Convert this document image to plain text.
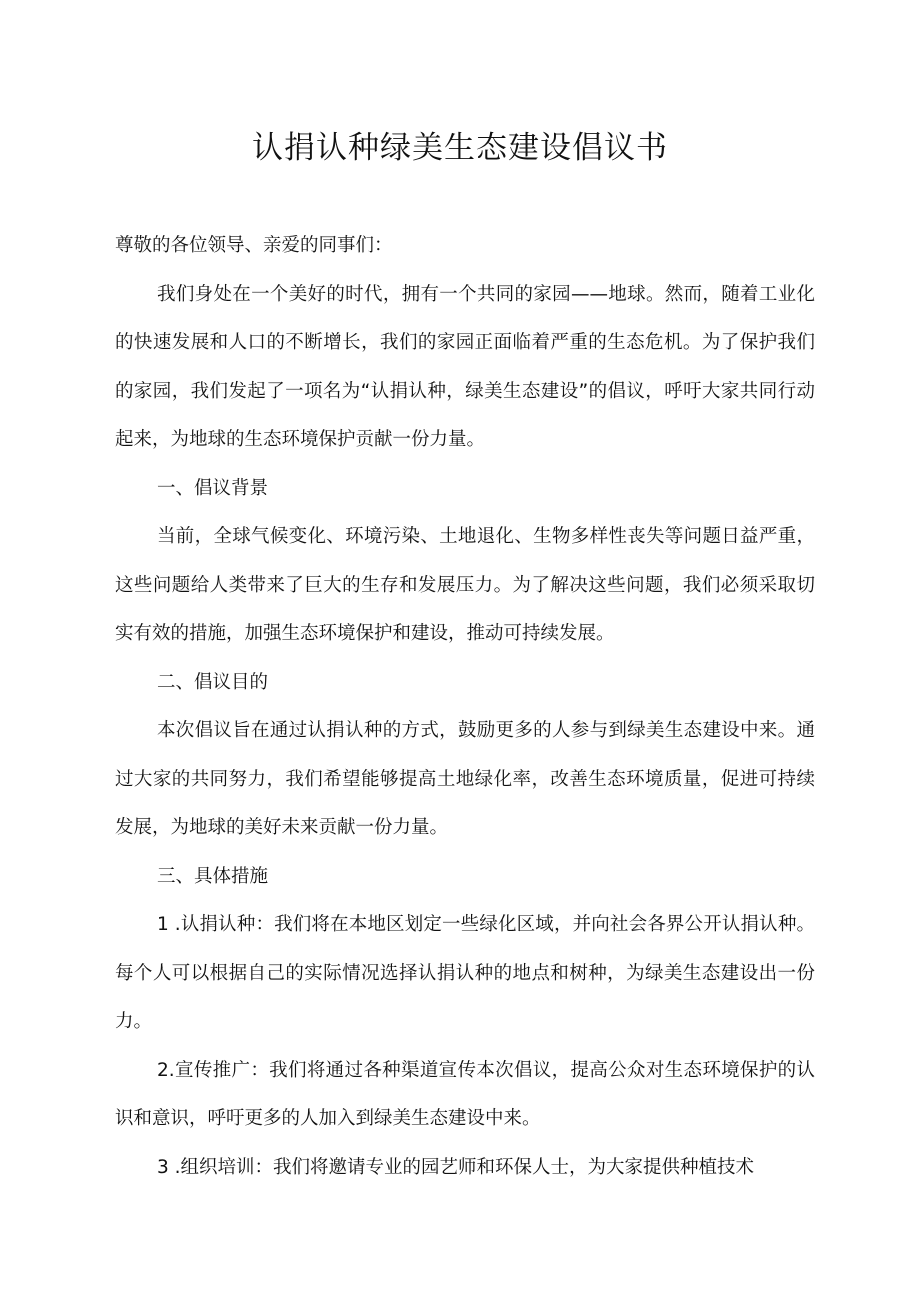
认捐认种绿美生态建设倡议书

尊敬的各位领导、亲爱的同事们：

我们身处在一个美好的时代，拥有一个共同的家园——地球。然而，随着工业化的快速发展和人口的不断增长，我们的家园正面临着严重的生态危机。为了保护我们的家园，我们发起了一项名为“认捐认种，绿美生态建设”的倡议，呼吁大家共同行动起来，为地球的生态环境保护贡献一份力量。

一、倡议背景

当前，全球气候变化、环境污染、土地退化、生物多样性丧失等问题日益严重，这些问题给人类带来了巨大的生存和发展压力。为了解决这些问题，我们必须采取切实有效的措施，加强生态环境保护和建设，推动可持续发展。

二、倡议目的

本次倡议旨在通过认捐认种的方式，鼓励更多的人参与到绿美生态建设中来。通过大家的共同努力，我们希望能够提高土地绿化率，改善生态环境质量，促进可持续发展，为地球的美好未来贡献一份力量。

三、具体措施

1 .认捐认种：我们将在本地区划定一些绿化区域，并向社会各界公开认捐认种。每个人可以根据自己的实际情况选择认捐认种的地点和树种，为绿美生态建设出一份力。

2.宣传推广：我们将通过各种渠道宣传本次倡议，提高公众对生态环境保护的认识和意识，呼吁更多的人加入到绿美生态建设中来。

3 .组织培训：我们将邀请专业的园艺师和环保人士，为大家提供种植技术
